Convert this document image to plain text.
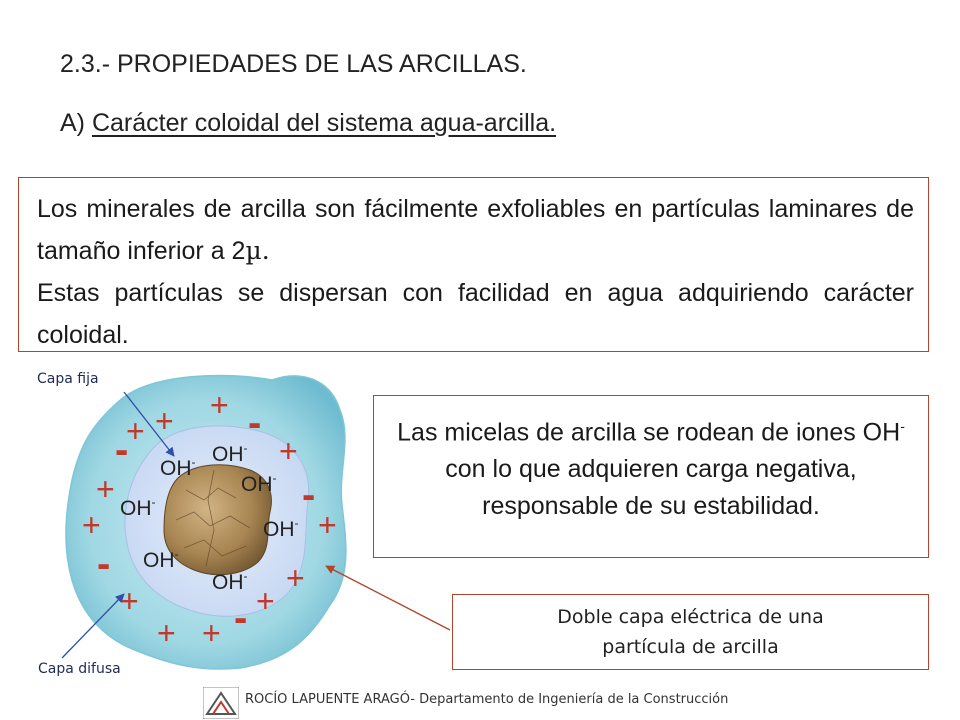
2.3.- PROPIEDADES DE LAS ARCILLAS.
A) Carácter coloidal del sistema agua-arcilla.

Los minerales de arcilla son fácilmente exfoliables en partículas laminares de tamaño inferior a 2µ.

Estas partículas se dispersan con facilidad en agua adquiriendo carácter coloidal.

OH-
OH-
OH-
OH-
OH-
OH-
OH-
+
+
+
+
+
+	+
+
+	+
+ +
-
-
-
-
-
Capa fija
Capa difusa
Las micelas de arcilla se rodean de iones OH- con lo que adquieren carga negativa, responsable de su estabilidad.
Doble capa eléctrica de una
partícula de arcilla
ROCÍO LAPUENTE ARAGÓ- Departamento de Ingeniería de la Construcción
